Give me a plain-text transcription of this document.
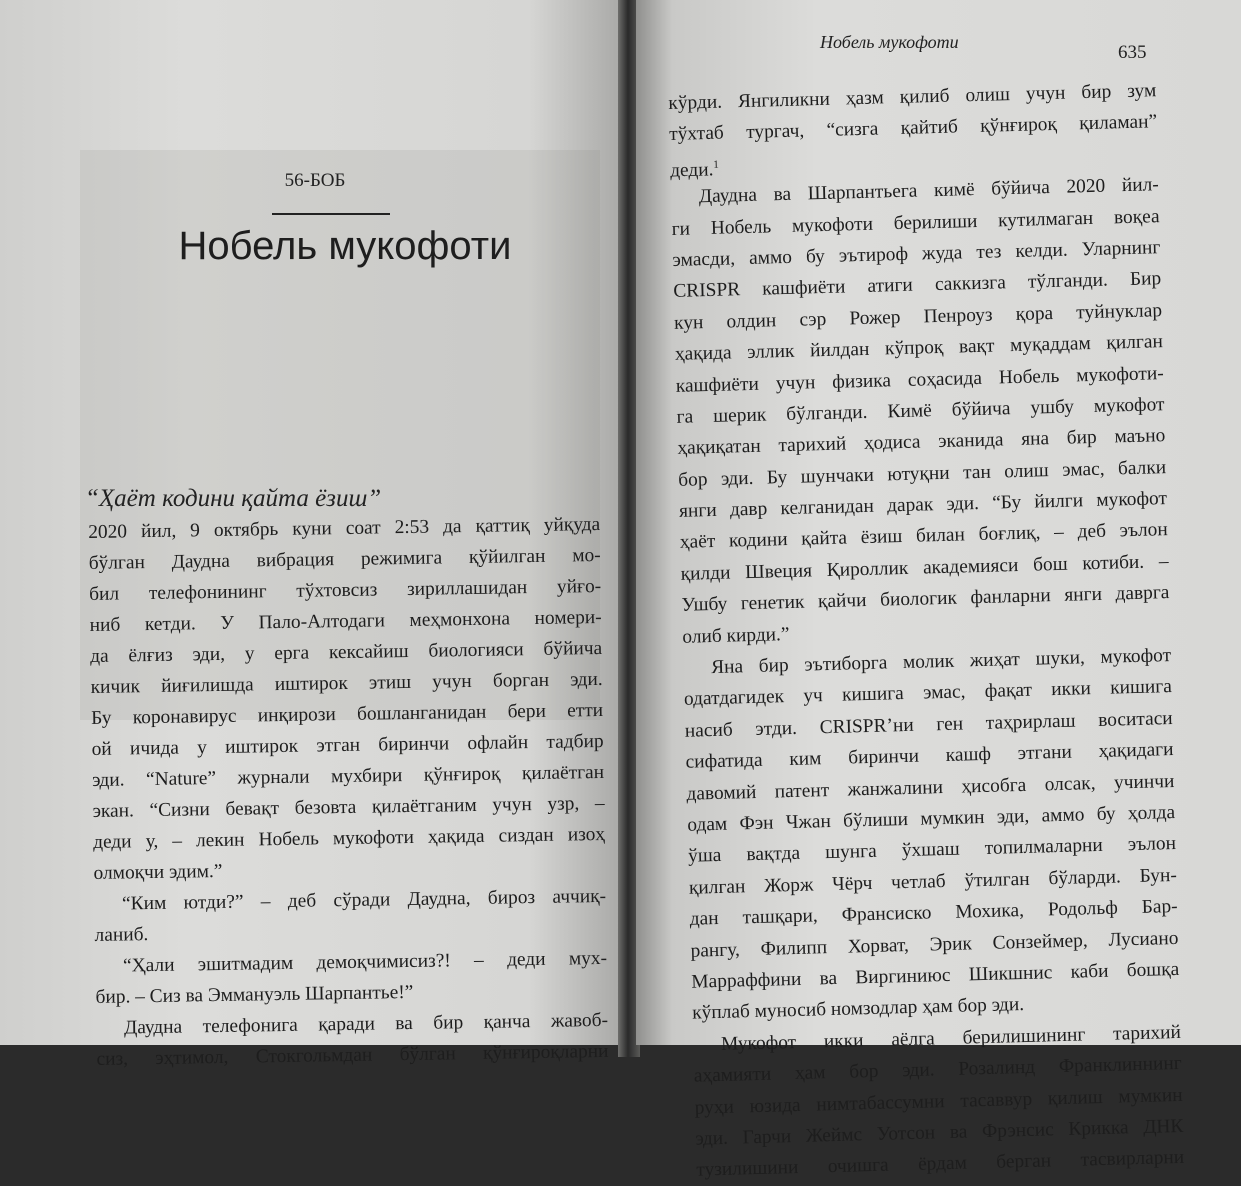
56-БОБ
Нобель мукофоти
“Ҳаёт кодини қайта ёзиш”
2020 йил, 9 октябрь куни соат 2:53 да қаттиқ уйқуда
бўлган Даудна вибрация режимига қўйилган мо-
бил телефонининг тўхтовсиз зириллашидан уйғо-
ниб кетди. У Пало-Алтодаги меҳмонхона номери-
да ёлғиз эди, у ерга кексайиш биологияси бўйича
кичик йиғилишда иштирок этиш учун борган эди.
Бу коронавирус инқирози бошланганидан бери етти
ой ичида у иштирок этган биринчи офлайн тадбир
эди. “Nature” журнали мухбири қўнғироқ қилаётган
экан. “Сизни бевақт безовта қилаётганим учун узр, –
деди у, – лекин Нобель мукофоти ҳақида сиздан изоҳ
олмоқчи эдим.”
“Ким ютди?” – деб сўради Даудна, бироз аччиқ-
ланиб.
“Ҳали эшитмадим демоқчимисиз?! – деди мух-
бир. – Сиз ва Эммануэль Шарпантье!”
Даудна телефонига қаради ва бир қанча жавоб-
сиз, эҳтимол, Стокгольмдан бўлган қўнғироқларни
Нобель мукофоти	635
кўрди. Янгиликни ҳазм қилиб олиш учун бир зум
тўхтаб тургач, “сизга қайтиб қўнғироқ қиламан”
деди.$^1$
Даудна ва Шарпантьега кимё бўйича 2020 йил-
ги Нобель мукофоти берилиши кутилмаган воқеа
эмасди, аммо бу эътироф жуда тез келди. Уларнинг
CRISPR кашфиёти атиги саккизга тўлганди. Бир
кун олдин сэр Рожер Пенроуз қора туйнуклар
ҳақида эллик йилдан кўпроқ вақт муқаддам қилган
кашфиёти учун физика соҳасида Нобель мукофоти-
га шерик бўлганди. Кимё бўйича ушбу мукофот
ҳақиқатан тарихий ҳодиса эканида яна бир маъно
бор эди. Бу шунчаки ютуқни тан олиш эмас, балки
янги давр келганидан дарак эди. “Бу йилги мукофот
ҳаёт кодини қайта ёзиш билан боғлиқ, – деб эълон
қилди Швеция Қироллик академияси бош котиби. –
Ушбу генетик қайчи биологик фанларни янги даврга
олиб кирди.”
Яна бир эътиборга молик жиҳат шуки, мукофот
одатдагидек уч кишига эмас, фақат икки кишига
насиб этди. CRISPR’ни ген таҳрирлаш воситаси
сифатида ким биринчи кашф этгани ҳақидаги
давомий патент жанжалини ҳисобга олсак, учинчи
одам Фэн Чжан бўлиши мумкин эди, аммо бу ҳолда
ўша вақтда шунга ўхшаш топилмаларни эълон
қилган Жорж Чёрч четлаб ўтилган бўларди. Бун-
дан ташқари, Франсиско Мохика, Родольф Бар-
рангу, Филипп Хорват, Эрик Сонзеймер, Лусиано
Марраффини ва Виргиниюс Шикшнис каби бошқа
кўплаб муносиб номзодлар ҳам бор эди.
Мукофот икки аёлга берилишининг тарихий
аҳамияти ҳам бор эди. Розалинд Франклиннинг
руҳи юзида нимтабассумни тасаввур қилиш мумкин
эди. Гарчи Жеймс Уотсон ва Фрэнсис Крикка ДНК
тузилишини очишга ёрдам берган тасвирларни
